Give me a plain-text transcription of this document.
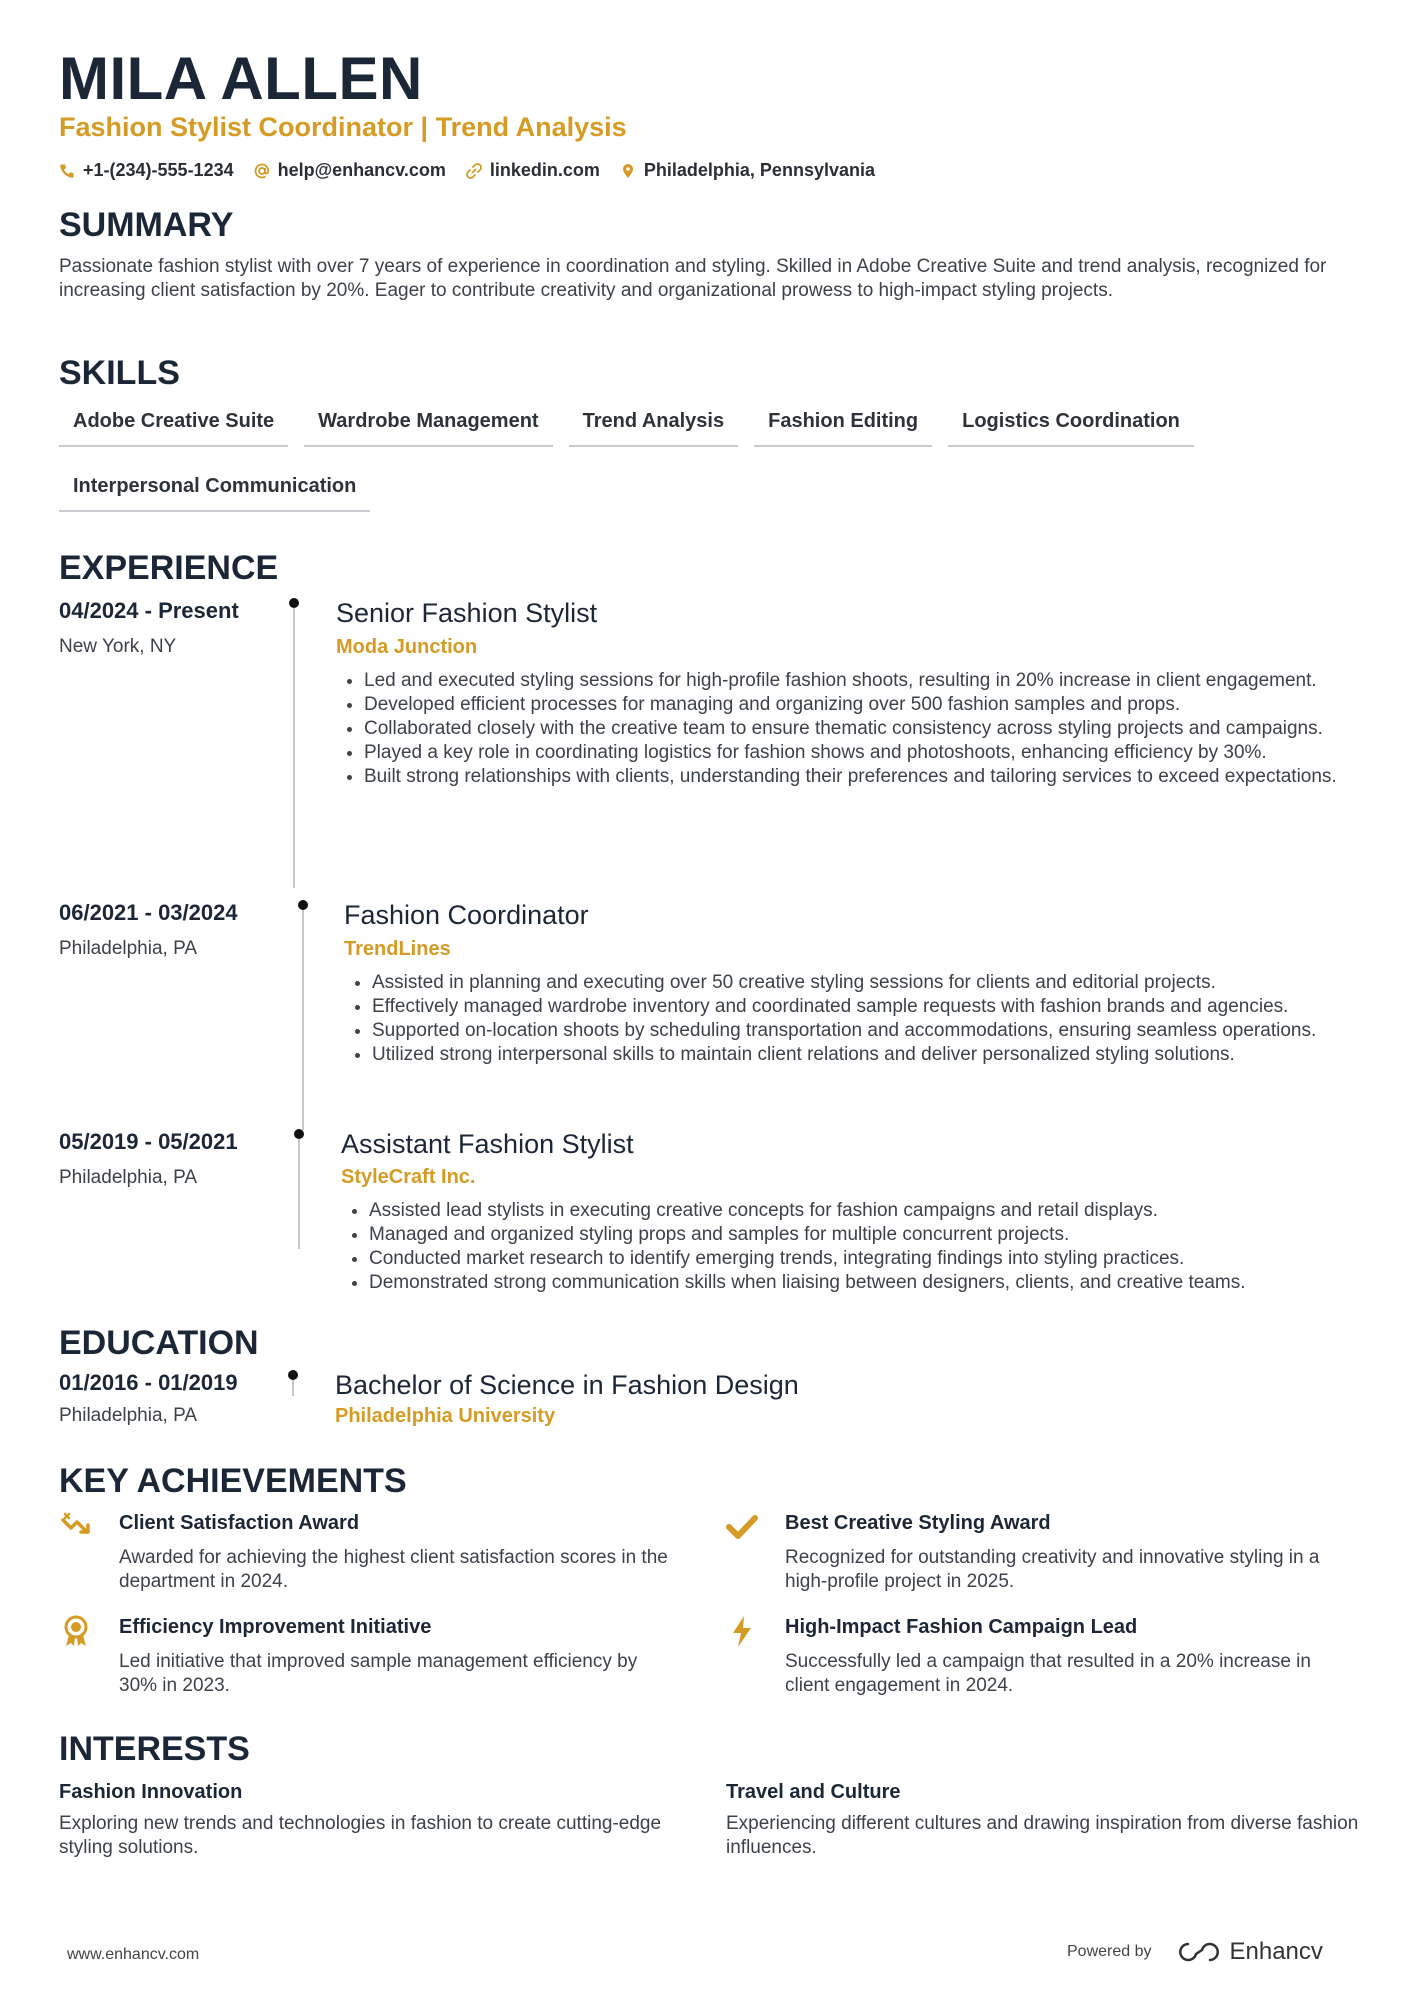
MILA ALLEN
Fashion Stylist Coordinator | Trend Analysis
+1-(234)-555-1234 help@enhancv.com linkedin.com Philadelphia, Pennsylvania
SUMMARY
Passionate fashion stylist with over 7 years of experience in coordination and styling. Skilled in Adobe Creative Suite and trend analysis, recognized for increasing client satisfaction by 20%. Eager to contribute creativity and organizational prowess to high-impact styling projects.
SKILLS
Adobe Creative Suite	Wardrobe Management	Trend Analysis	Fashion Editing	Logistics Coordination
Interpersonal Communication
EXPERIENCE
04/2024 - Present
New York, NY
Senior Fashion Stylist
Moda Junction
• Led and executed styling sessions for high-profile fashion shoots, resulting in 20% increase in client engagement.
• Developed efficient processes for managing and organizing over 500 fashion samples and props.
• Collaborated closely with the creative team to ensure thematic consistency across styling projects and campaigns.
• Played a key role in coordinating logistics for fashion shows and photoshoots, enhancing efficiency by 30%.
• Built strong relationships with clients, understanding their preferences and tailoring services to exceed expectations.
06/2021 - 03/2024
Philadelphia, PA
Fashion Coordinator
TrendLines
• Assisted in planning and executing over 50 creative styling sessions for clients and editorial projects.
• Effectively managed wardrobe inventory and coordinated sample requests with fashion brands and agencies.
• Supported on-location shoots by scheduling transportation and accommodations, ensuring seamless operations.
• Utilized strong interpersonal skills to maintain client relations and deliver personalized styling solutions.
05/2019 - 05/2021
Philadelphia, PA
Assistant Fashion Stylist
StyleCraft Inc.
• Assisted lead stylists in executing creative concepts for fashion campaigns and retail displays.
• Managed and organized styling props and samples for multiple concurrent projects.
• Conducted market research to identify emerging trends, integrating findings into styling practices.
• Demonstrated strong communication skills when liaising between designers, clients, and creative teams.
EDUCATION
01/2016 - 01/2019
Philadelphia, PA
Bachelor of Science in Fashion Design
Philadelphia University
KEY ACHIEVEMENTS
Client Satisfaction Award
Awarded for achieving the highest client satisfaction scores in the department in 2024.
Best Creative Styling Award
Recognized for outstanding creativity and innovative styling in a high-profile project in 2025.
Efficiency Improvement Initiative
Led initiative that improved sample management efficiency by 30% in 2023.
High-Impact Fashion Campaign Lead
Successfully led a campaign that resulted in a 20% increase in client engagement in 2024.
INTERESTS
Fashion Innovation
Exploring new trends and technologies in fashion to create cutting-edge styling solutions.
Travel and Culture
Experiencing different cultures and drawing inspiration from diverse fashion influences.
www.enhancv.com	Powered by	Enhancv
